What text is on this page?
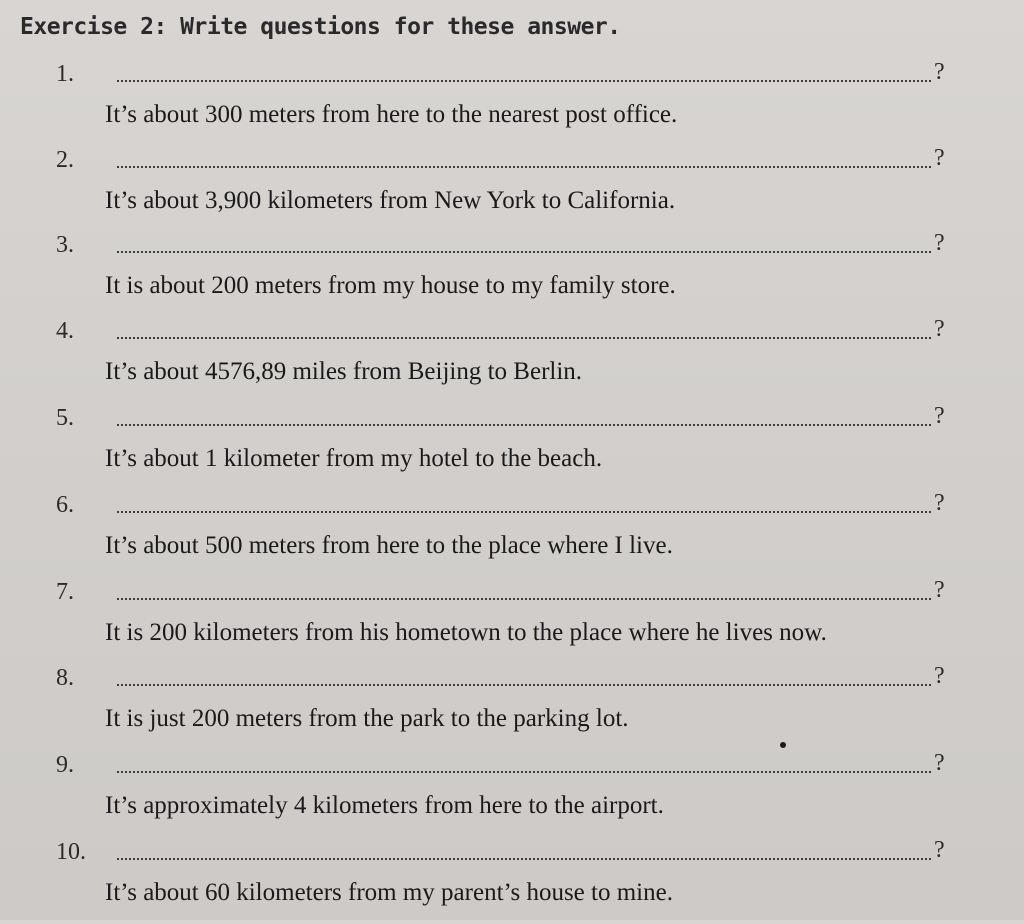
Exercise 2: Write questions for these answer.
1.	?
It’s about 300 meters from here to the nearest post office.
2.	?
It’s about 3,900 kilometers from New York to California.
3.	?
It is about 200 meters from my house to my family store.
4.	?
It’s about 4576,89 miles from Beijing to Berlin.
5.	?
It’s about 1 kilometer from my hotel to the beach.
6.	?
It’s about 500 meters from here to the place where I live.
7.	?
It is 200 kilometers from his hometown to the place where he lives now.
8.	?
It is just 200 meters from the park to the parking lot.
9.	?
It’s approximately 4 kilometers from here to the airport.
10.	?
It’s about 60 kilometers from my parent’s house to mine.
